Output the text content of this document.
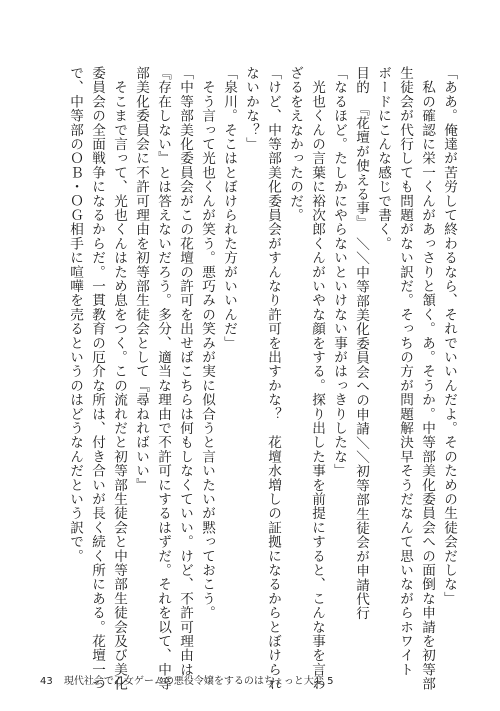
「ああ。俺達が苦労して終わるなら、それでいいんだよ。そのための生徒会だしな」

　私の確認に栄一くんがあっさりと頷く。あ。そうか。中等部美化委員会への面倒な申請を初等部

生徒会が代行しても問題がない訳だ。そっちの方が問題解決早そうだなんて思いながらホワイト

ボードにこんな感じで書く。

目的　『花壇が使える事』　＼＼中等部美化委員会への申請＼＼初等部生徒会が申請代行

「なるほど。たしかにやらないといけない事がはっきりしたな」

　光也くんの言葉に裕次郎くんがいやな顔をする。探り出した事を前提にすると、こんな事を言わ

ざるをえなかったのだ。

「けど、中等部美化委員会がすんなり許可を出すかな？　花壇水増しの証拠になるからとぼけられ

ないかな？」

「泉川。そこはとぼけられた方がいいんだ」

　そう言って光也くんが笑う。悪巧みの笑みが実に似合うと言いたいが黙っておこう。

「中等部美化委員会がこの花壇の許可を出せばこちらは何もしなくていい。けど、不許可理由は

『存在しない』とは答えないだろう。多分、適当な理由で不許可にするはずだ。それを以て、中等

部美化委員会に不許可理由を初等部生徒会として『尋ねればいい』

　そこまで言って、光也くんはため息をつく。この流れだと初等部生徒会と中等部生徒会及び美化

委員会の全面戦争になるからだ。一貫教育の厄介な所は、付き合いが長く続く所にある。花壇一つ

で、中等部のＯＢ・ＯＧ相手に喧嘩を売るというのはどうなんだという訳で。

43 現代社会で乙女ゲームの悪役令嬢をするのはちょっと大変 5
